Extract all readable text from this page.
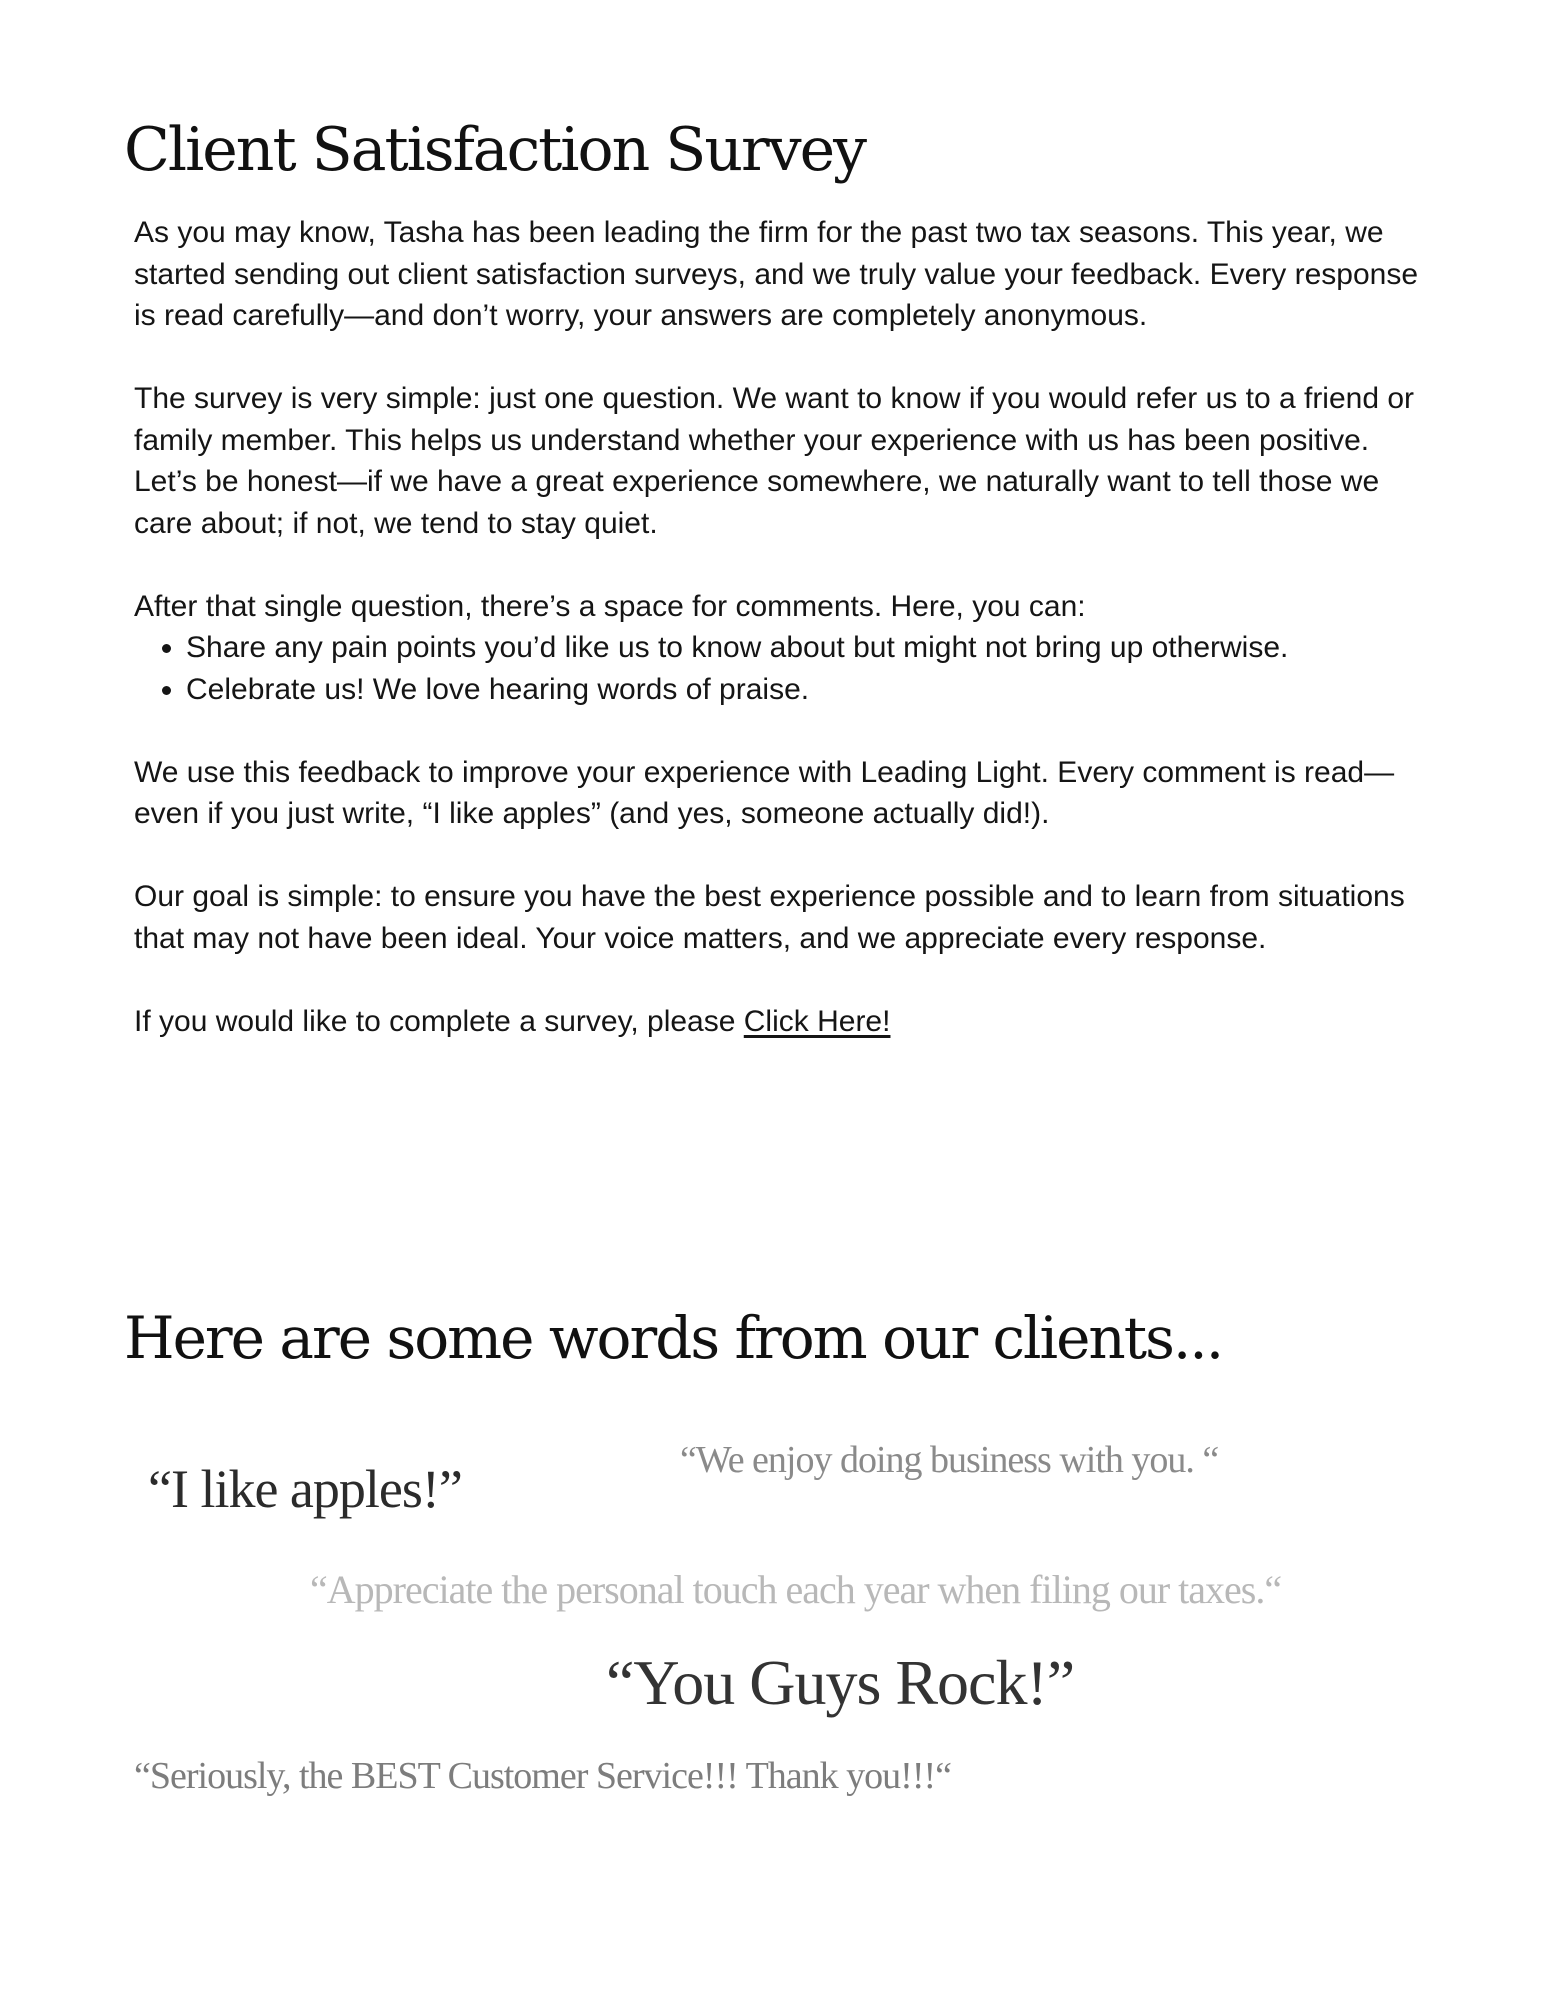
Client Satisfaction Survey

As you may know, Tasha has been leading the firm for the past two tax seasons. This year, we started sending out client satisfaction surveys, and we truly value your feedback. Every response is read carefully—and don’t worry, your answers are completely anonymous.

The survey is very simple: just one question. We want to know if you would refer us to a friend or family member. This helps us understand whether your experience with us has been positive. Let’s be honest—if we have a great experience somewhere, we naturally want to tell those we care about; if not, we tend to stay quiet.

After that single question, there’s a space for comments. Here, you can:

• Share any pain points you’d like us to know about but might not bring up otherwise.
• Celebrate us! We love hearing words of praise.

We use this feedback to improve your experience with Leading Light. Every comment is read—even if you just write, “I like apples” (and yes, someone actually did!).

Our goal is simple: to ensure you have the best experience possible and to learn from situations that may not have been ideal. Your voice matters, and we appreciate every response.

If you would like to complete a survey, please Click Here!

Here are some words from our clients...
“I like apples!”	“We enjoy doing business with you. “
“Appreciate the personal touch each year when filing our taxes.“
“You Guys Rock!”
“Seriously, the BEST Customer Service!!! Thank you!!!“
